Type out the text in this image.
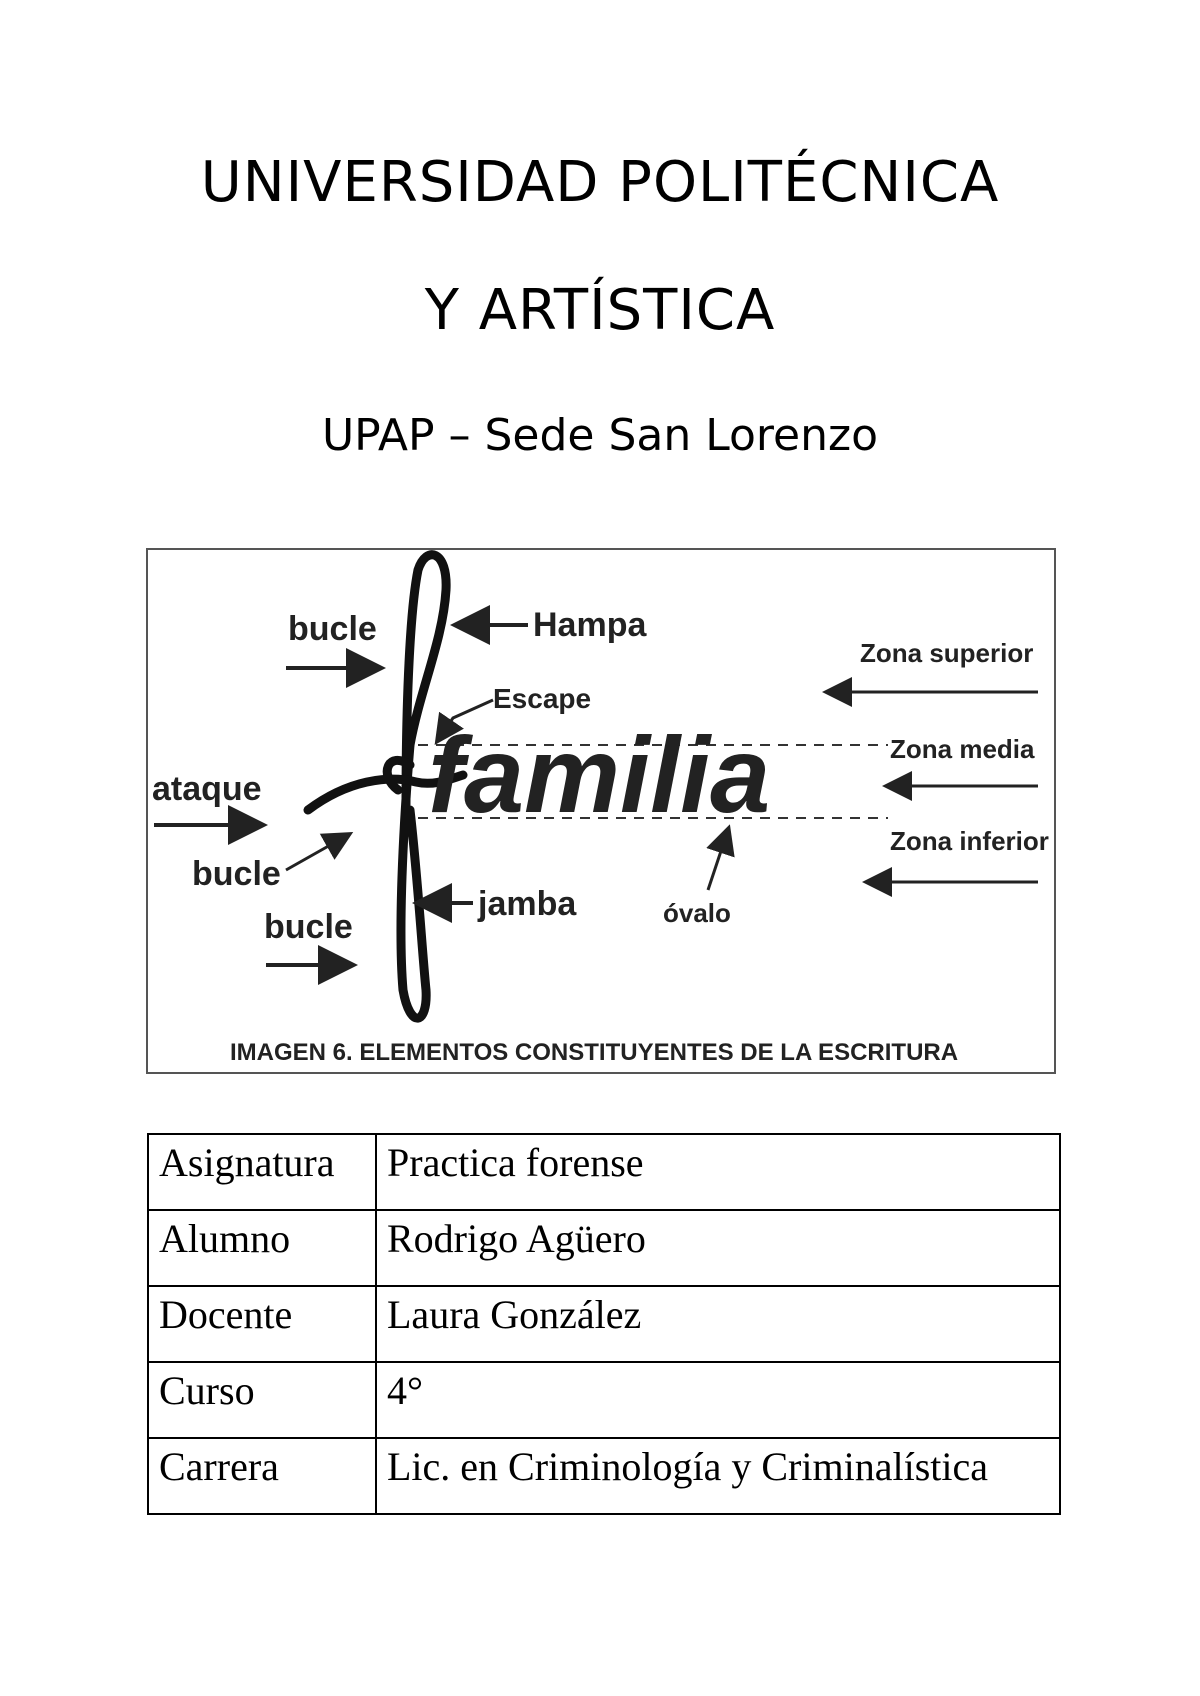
UNIVERSIDAD POLITÉCNICA
Y ARTÍSTICA
UPAP – Sede San Lorenzo
familia
bucle	Hampa
Escape
ataque
bucle
bucle
jamba	óvalo
Zona superior
Zona media
Zona inferior
IMAGEN 6. ELEMENTOS CONSTITUYENTES DE LA ESCRITURA
Asignatura	Practica forense
Alumno	Rodrigo Agüero
Docente	Laura González
Curso	4°
Carrera	Lic. en Criminología y Criminalística
